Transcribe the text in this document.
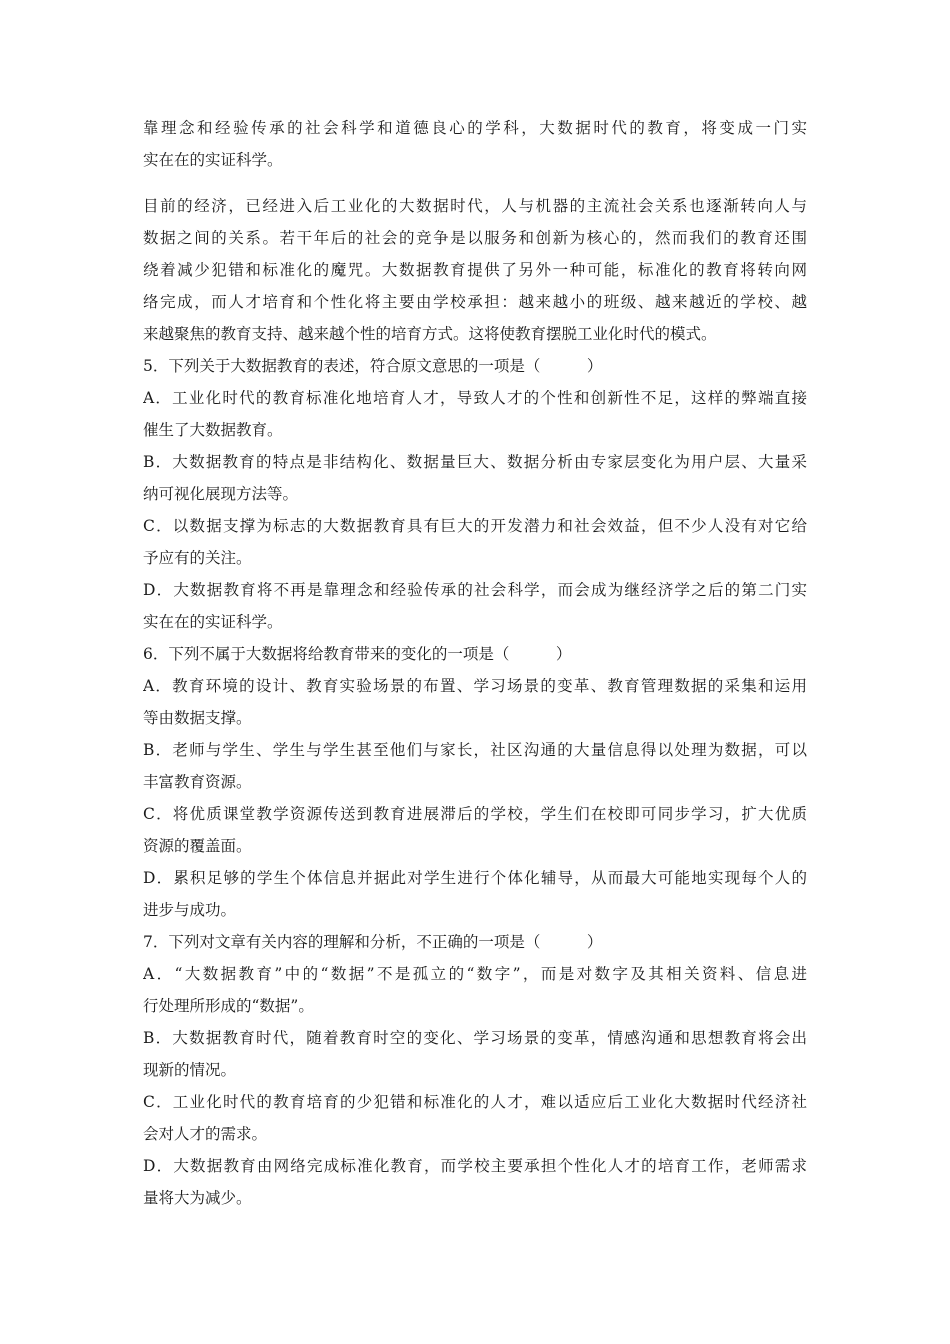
靠理念和经验传承的社会科学和道德良心的学科，大数据时代的教育，将变成一门实
实在在的实证科学。
目前的经济，已经进入后工业化的大数据时代，人与机器的主流社会关系也逐渐转向人与
数据之间的关系。若干年后的社会的竞争是以服务和创新为核心的，然而我们的教育还围
绕着减少犯错和标准化的魔咒。大数据教育提供了另外一种可能，标准化的教育将转向网
络完成，而人才培育和个性化将主要由学校承担：越来越小的班级、越来越近的学校、越
来越聚焦的教育支持、越来越个性的培育方式。这将使教育摆脱工业化时代的模式。
5．下列关于大数据教育的表述，符合原文意思的一项是（　　　）
A．工业化时代的教育标准化地培育人才，导致人才的个性和创新性不足，这样的弊端直接
催生了大数据教育。
B．大数据教育的特点是非结构化、数据量巨大、数据分析由专家层变化为用户层、大量采
纳可视化展现方法等。
C．以数据支撑为标志的大数据教育具有巨大的开发潜力和社会效益，但不少人没有对它给
予应有的关注。
D．大数据教育将不再是靠理念和经验传承的社会科学，而会成为继经济学之后的第二门实
实在在的实证科学。
6．下列不属于大数据将给教育带来的变化的一项是（　　　）
A．教育环境的设计、教育实验场景的布置、学习场景的变革、教育管理数据的采集和运用
等由数据支撑。
B．老师与学生、学生与学生甚至他们与家长，社区沟通的大量信息得以处理为数据，可以
丰富教育资源。
C．将优质课堂教学资源传送到教育进展滞后的学校，学生们在校即可同步学习，扩大优质
资源的覆盖面。
D．累积足够的学生个体信息并据此对学生进行个体化辅导，从而最大可能地实现每个人的
进步与成功。
7．下列对文章有关内容的理解和分析，不正确的一项是（　　　）
A．“大数据教育”中的“数据”不是孤立的“数字”，而是对数字及其相关资料、信息进
行处理所形成的“数据”。
B．大数据教育时代，随着教育时空的变化、学习场景的变革，情感沟通和思想教育将会出
现新的情况。
C．工业化时代的教育培育的少犯错和标准化的人才，难以适应后工业化大数据时代经济社
会对人才的需求。
D．大数据教育由网络完成标准化教育，而学校主要承担个性化人才的培育工作，老师需求
量将大为减少。
